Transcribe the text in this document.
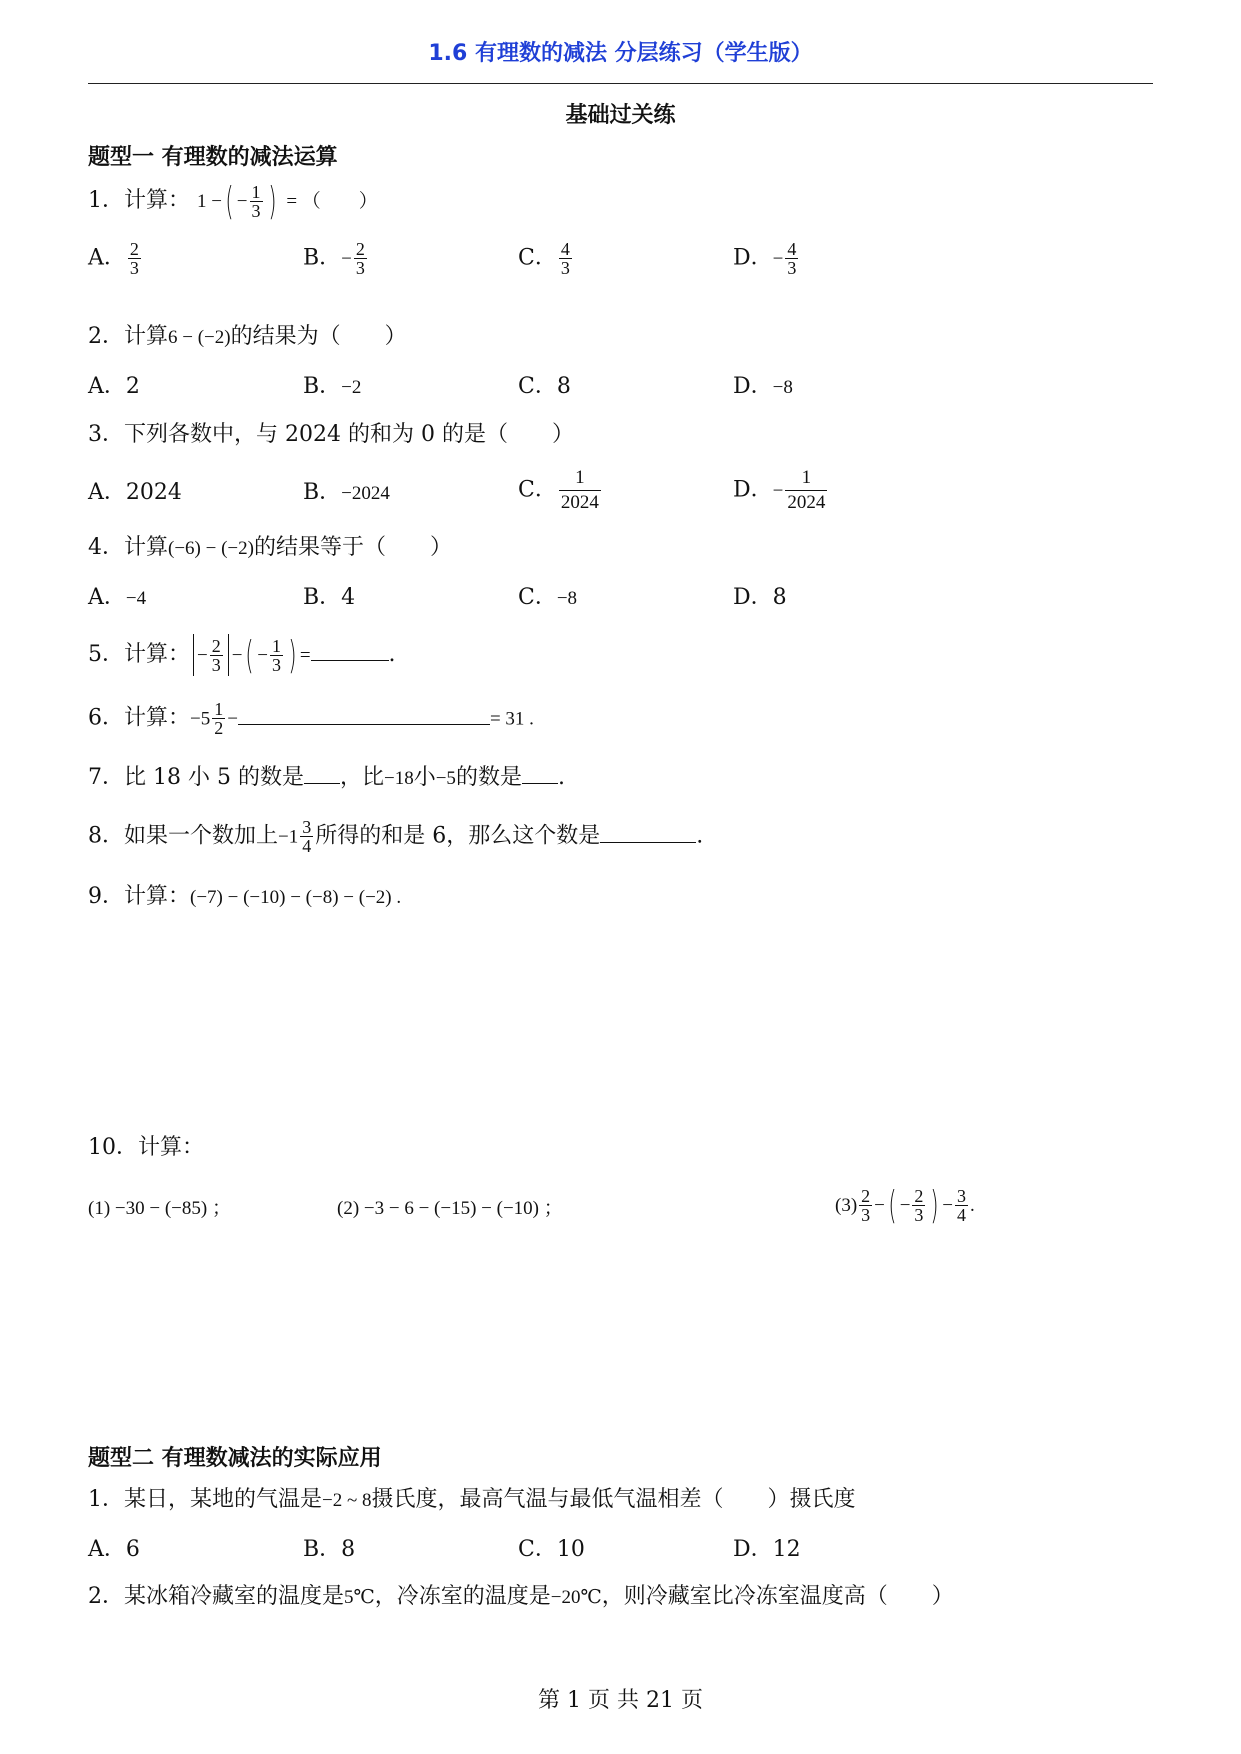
1.6 有理数的减法 分层练习（学生版）
基础过关练
题型一 有理数的减法运算
1．计算： 1 −( − $\frac{1}{3}$ ) = （　　）
A． $\frac{2}{3}$	B．− $\frac{2}{3}$	C． $\frac{4}{3}$	D．− $\frac{4}{3}$
2．计算6 − (−2)的结果为（　　）
A．2	B．−2	C．8	D．−8
3．下列各数中，与 2024 的和为 0 的是（　　）
A．2024	B．−2024	C． $\frac{1}{2024}$	D．− $\frac{1}{2024}$
4．计算(−6) − (−2)的结果等于（　　）
A．−4	B．4	C．−8	D．8
5．计算： − $\frac{2}{3}$ −( − $\frac{1}{3}$ ) =	.
6．计算：$-5 \frac{1}{2}$ −	= 31 .
7．比 18 小 5 的数是 ，比−18小−5的数是 .
8．如果一个数加上$-1 \frac{3}{4}$ 所得的和是 6，那么这个数是	.
9．计算：(−7) − (−10) − (−8) − (−2) .
10．计算：
(1) −30 − (−85) ；	(2) −3 − 6 − (−15) − (−10) ；	$(3) \frac{2}{3}$ −( − $\frac{2}{3}$ ) − $\frac{3}{4}$ .
题型二 有理数减法的实际应用
1．某日，某地的气温是−2 ~ 8摄氏度，最高气温与最低气温相差（　　）摄氏度
A．6	B．8	C．10	D．12
2．某冰箱冷藏室的温度是5℃，冷冻室的温度是−20℃，则冷藏室比冷冻室温度高（　　）
第 1 页 共 21 页
